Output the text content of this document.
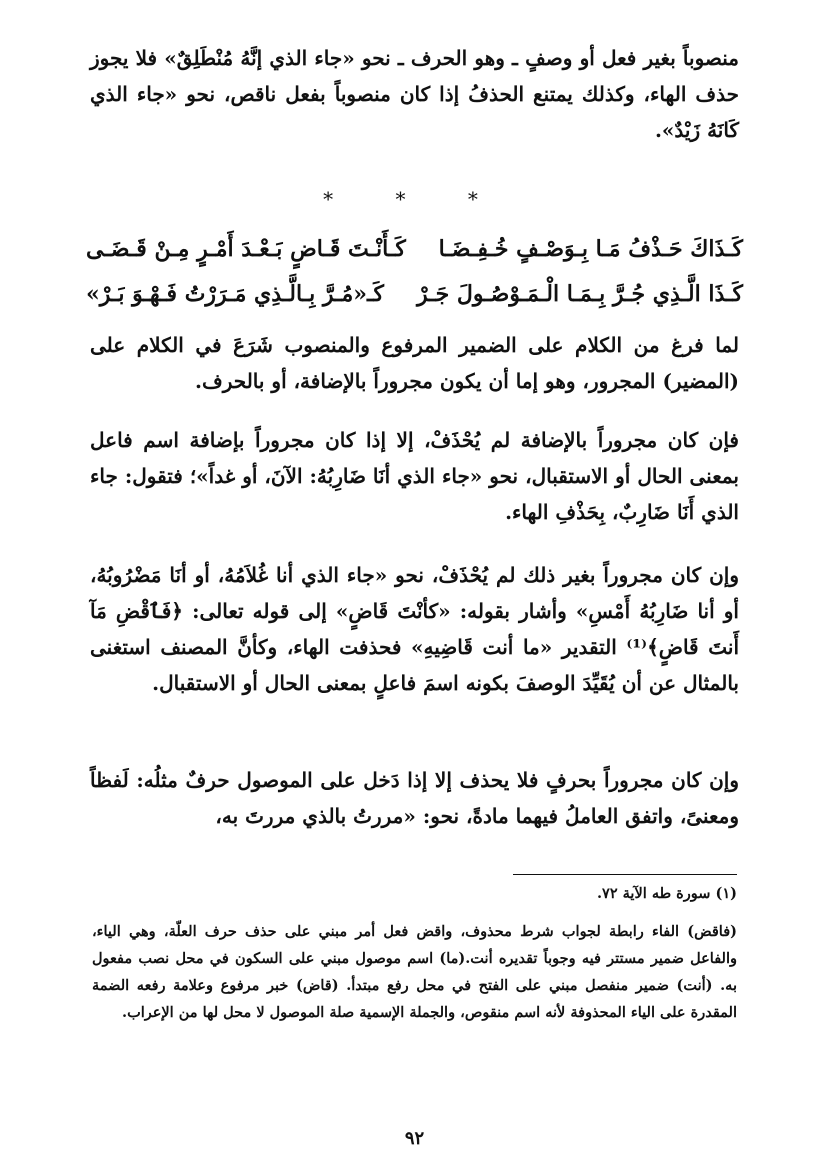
منصوباً بغير فعل أو وصفٍ ـ وهو الحرف ـ نحو «جاء الذي إنَّهُ مُنْطَلِقٌ» فلا يجوز حذف الهاء، وكذلك يمتنع الحذفُ إذا كان منصوباً بفعل ناقص، نحو «جاء الذي كَانَهُ زَيْدٌ».
* * *
كَـذَاكَ حَـذْفُ مَـا بِـوَصْـفٍ خُـفِـضَـا
كَـأَنْـتَ قَـاضٍ بَـعْـدَ أَمْـرٍ مِـنْ قَـضَـى
كَـذَا الَّـذِي جُـرَّ بِـمَـا الْـمَـوْصُـولَ جَـرْ
كَـ«مُـرَّ بِـالَّـذِي مَـرَرْتُ فَـهْـوَ بَـرْ»
لما فرغ من الكلام على الضمير المرفوع والمنصوب شَرَعَ في الكلام على (المضير) المجرور، وهو إما أن يكون مجروراً بالإضافة، أو بالحرف.
فإن كان مجروراً بالإضافة لم يُحْذَفْ، إلا إذا كان مجروراً بإضافة اسم فاعل بمعنى الحال أو الاستقبال، نحو «جاء الذي أنَا ضَارِبُهُ: الآنَ، أو غداً»؛ فتقول: جاء الذي أَنَا ضَارِبٌ، بِحَذْفِ الهاء.
وإن كان مجروراً بغير ذلك لم يُحْذَفْ، نحو «جاء الذي أنا غُلاَمُهُ، أو أنَا مَضْرُوبُهُ، أو أنا ضَارِبُهُ أَمْسِ» وأشار بقوله: «كأنْتَ قَاضٍ» إلى قوله تعالى: ﴿فَٱقْضِ مَآ أَنتَ قَاضٍ﴾⁽¹⁾ التقدير «ما أنت قَاضِيهِ» فحذفت الهاء، وكأنَّ المصنف استغنى بالمثال عن أن يُقَيِّدَ الوصفَ بكونه اسمَ فاعلٍ بمعنى الحال أو الاستقبال.
وإن كان مجروراً بحرفٍ فلا يحذف إلا إذا دَخل على الموصول حرفٌ مثلُه: لَفظاً ومعنىً، واتفق العاملُ فيهما مادةً، نحو: «مررتُ بالذي مررتَ به،
(١) سورة طه الآية ٧٢.
(فاقض) الفاء رابطة لجواب شرط محذوف، واقض فعل أمر مبني على حذف حرف العلّة، وهي الياء، والفاعل ضمير مستتر فيه وجوباً تقديره أنت.(ما) اسم موصول مبني على السكون في محل نصب مفعول به. (أنت) ضمير منفصل مبني على الفتح في محل رفع مبتدأ. (قاض) خبر مرفوع وعلامة رفعه الضمة المقدرة على الياء المحذوفة لأنه اسم منقوص، والجملة الإسمية صلة الموصول لا محل لها من الإعراب.
٩٢
